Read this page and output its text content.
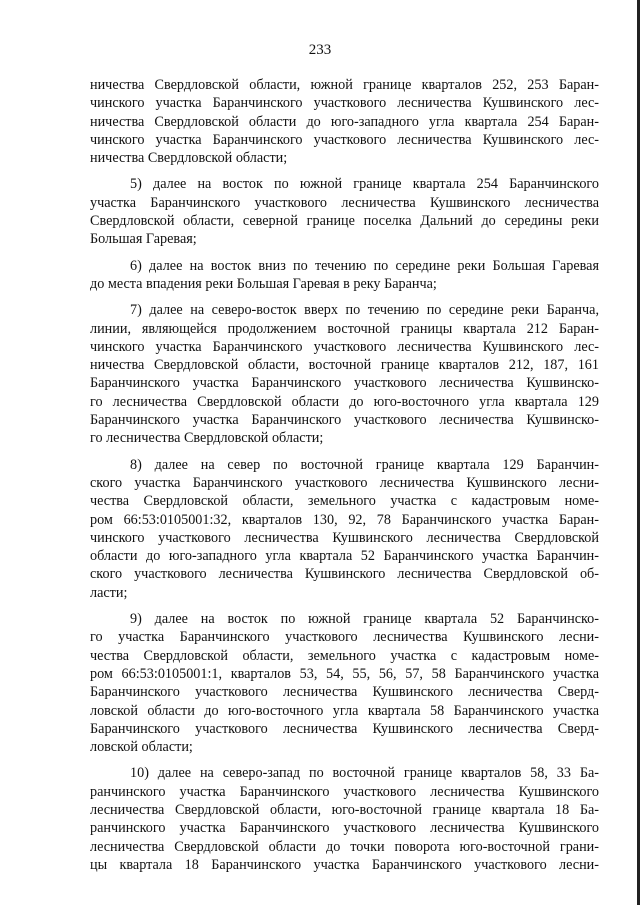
233

ничества Свердловской области, южной границе кварталов 252, 253 Баран-
чинского участка Баранчинского участкового лесничества Кушвинского лес-
ничества Свердловской области до юго-западного угла квартала 254 Баран-
чинского участка Баранчинского участкового лесничества Кушвинского лес-
ничества Свердловской области;

5) далее на восток по южной границе квартала 254 Баранчинского
участка Баранчинского участкового лесничества Кушвинского лесничества
Свердловской области, северной границе поселка Дальний до середины реки
Большая Гаревая;

6) далее на восток вниз по течению по середине реки Большая Гаревая
до места впадения реки Большая Гаревая в реку Баранча;

7) далее на северо-восток вверх по течению по середине реки Баранча,
линии, являющейся продолжением восточной границы квартала 212 Баран-
чинского участка Баранчинского участкового лесничества Кушвинского лес-
ничества Свердловской области, восточной границе кварталов 212, 187, 161
Баранчинского участка Баранчинского участкового лесничества Кушвинско-
го лесничества Свердловской области до юго-восточного угла квартала 129
Баранчинского участка Баранчинского участкового лесничества Кушвинско-
го лесничества Свердловской области;

8) далее на север по восточной границе квартала 129 Баранчин-
ского участка Баранчинского участкового лесничества Кушвинского лесни-
чества Свердловской области, земельного участка с кадастровым номе-
ром 66:53:0105001:32, кварталов 130, 92, 78 Баранчинского участка Баран-
чинского участкового лесничества Кушвинского лесничества Свердловской
области до юго-западного угла квартала 52 Баранчинского участка Баранчин-
ского участкового лесничества Кушвинского лесничества Свердловской об-
ласти;

9) далее на восток по южной границе квартала 52 Баранчинско-
го участка Баранчинского участкового лесничества Кушвинского лесни-
чества Свердловской области, земельного участка с кадастровым номе-
ром 66:53:0105001:1, кварталов 53, 54, 55, 56, 57, 58 Баранчинского участка
Баранчинского участкового лесничества Кушвинского лесничества Сверд-
ловской области до юго-восточного угла квартала 58 Баранчинского участка
Баранчинского участкового лесничества Кушвинского лесничества Сверд-
ловской области;

10) далее на северо-запад по восточной границе кварталов 58, 33 Ба-
ранчинского участка Баранчинского участкового лесничества Кушвинского
лесничества Свердловской области, юго-восточной границе квартала 18 Ба-
ранчинского участка Баранчинского участкового лесничества Кушвинского
лесничества Свердловской области до точки поворота юго-восточной грани-
цы квартала 18 Баранчинского участка Баранчинского участкового лесни-
